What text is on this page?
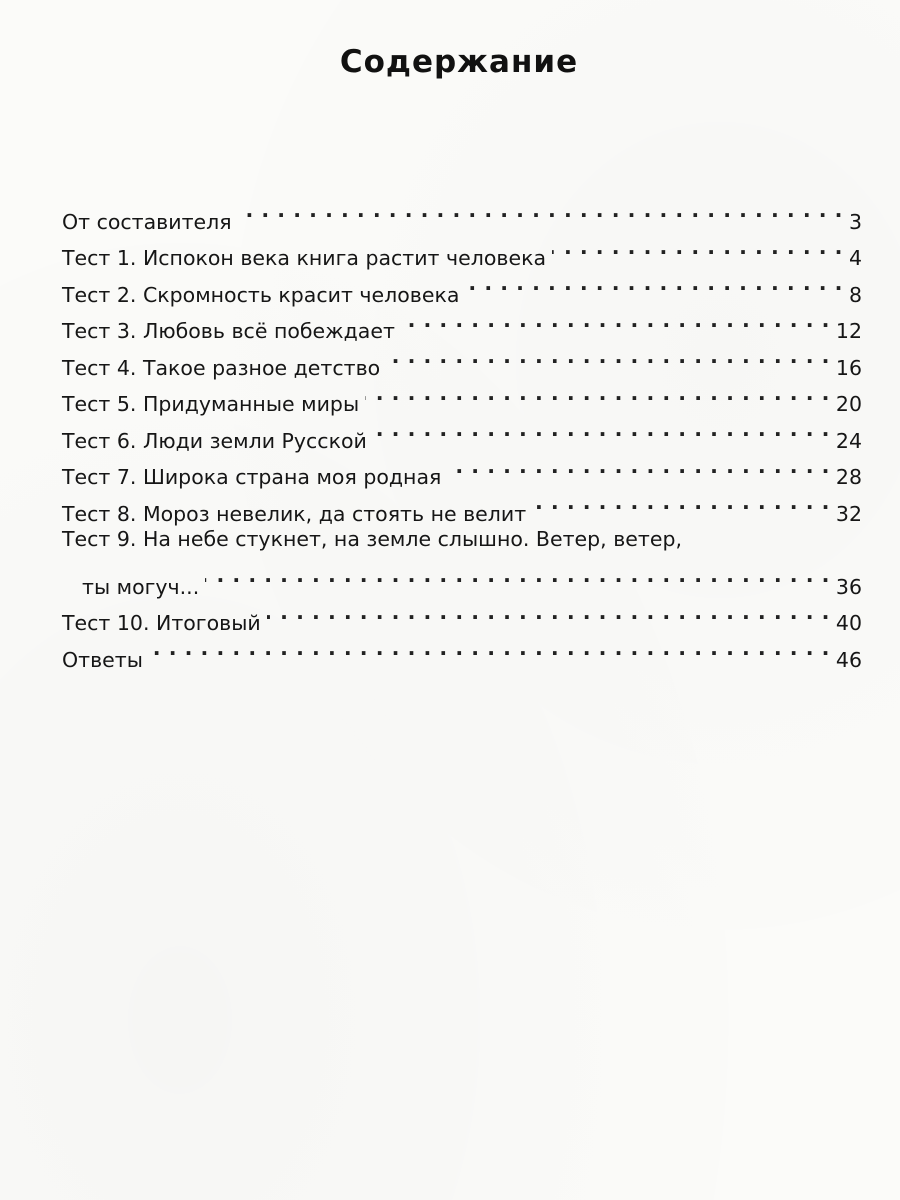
Содержание
От составителя . . .	3
Тест 1. Испокон века книга растит человека . . .	4
Тест 2. Скромность красит человека . . .	8
Тест 3. Любовь всё побеждает . . .	12
Тест 4. Такое разное детство . . .	16
Тест 5. Придуманные миры . . .	20
Тест 6. Люди земли Русской . . .	24
Тест 7. Широка страна моя родная . . .	28
Тест 8. Мороз невелик, да стоять не велит . . .	32
Тест 9. На небе стукнет, на земле слышно. Ветер, ветер,
ты могуч... . . .	36
Тест 10. Итоговый . . .	40
Ответы . . .	46
